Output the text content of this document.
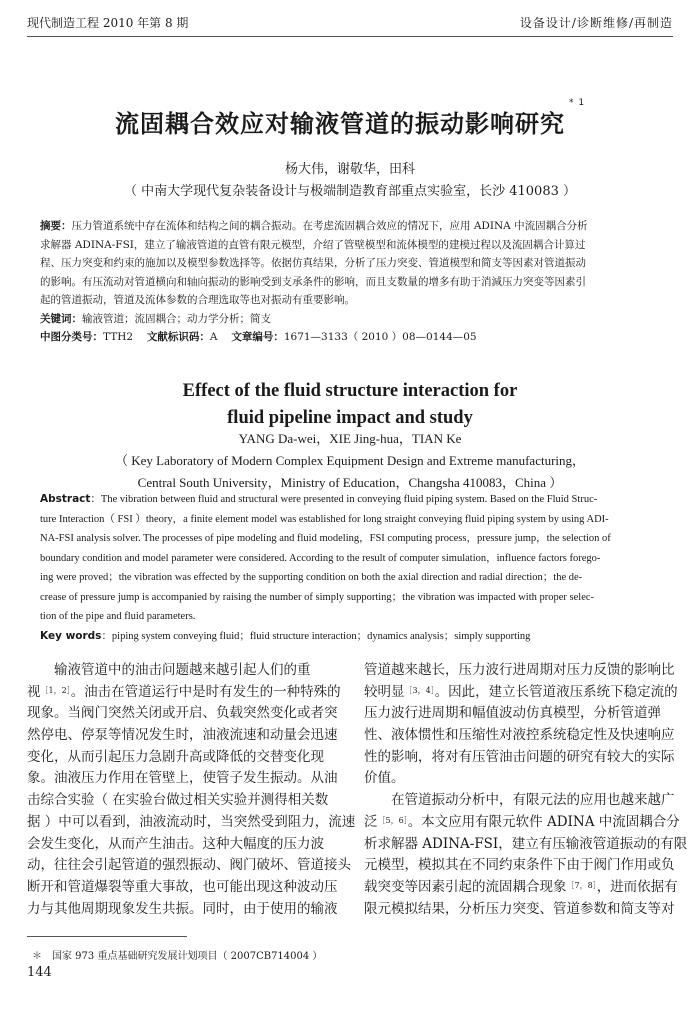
现代制造工程 2010 年第 8 期	设备设计/诊断维修/再制造
流固耦合效应对输液管道的振动影响研究$^{* 1}$
杨大伟，谢敬华，田科
（ 中南大学现代复杂装备设计与极端制造教育部重点实验室，长沙 410083 ）
摘要：压力管道系统中存在流体和结构之间的耦合振动。在考虑流固耦合效应的情况下，应用 ADINA 中流固耦合分析
求解器 ADINA-FSI，建立了输液管道的直管有限元模型，介绍了管壁模型和流体模型的建模过程以及流固耦合计算过
程、压力突变和约束的施加以及模型参数选择等。依据仿真结果，分析了压力突变、管道模型和简支等因素对管道振动
的影响。有压流动对管道横向和轴向振动的影响受到支承条件的影响，而且支数量的增多有助于消減压力突变等因素引
起的管道振动，管道及流体参数的合理选取等也对振动有重要影响。
关键词：输液管道；流固耦合；动力学分析；简支
中图分类号：TTH2   文献标识码：A   文章编号：1671—3133（ 2010 ）08—0144—05
Effect of the fluid structure interaction for
fluid pipeline impact and study
YANG Da-wei，XIE Jing-hua，TIAN Ke
（ Key Laboratory of Modern Complex Equipment Design and Extreme manufacturing，
Central South University，Ministry of Education，Changsha 410083，China ）
Abstract：The vibration between fluid and structural were presented in conveying fluid piping system. Based on the Fluid Struc-
ture Interaction（ FSI ）theory，a finite element model was established for long straight conveying fluid piping system by using ADI-
NA-FSI analysis solver. The processes of pipe modeling and fluid modeling，FSI computing process，pressure jump，the selection of
boundary condition and model parameter were considered. According to the result of computer simulation，influence factors forego-
ing were proved；the vibration was effected by the supporting condition on both the axial direction and radial direction；the de-
crease of pressure jump is accompanied by raising the number of simply supporting；the vibration was impacted with proper selec-
tion of the pipe and fluid parameters.
Key words：piping system conveying fluid；fluid structure interaction；dynamics analysis；simply supporting
　　输液管道中的油击问题越来越引起人们的重
视$^{[1,2]}$。油击在管道运行中是时有发生的一种特殊的
现象。当阀门突然关闭或开启、负载突然变化或者突
然停电、停泵等情况发生时，油液流速和动量会迅速
变化，从而引起压力急剧升高或降低的交替变化现
象。油液压力作用在管壁上，使管子发生振动。从油
击综合实验（ 在实验台做过相关实验并测得相关数
据 ）中可以看到，油液流动时，当突然受到阻力，流速
会发生变化，从而产生油击。这种大幅度的压力波
动，往往会引起管道的强烈振动、阀门破坏、管道接头
断开和管道爆裂等重大事故，也可能出现这种波动压
力与其他周期现象发生共振。同时，由于使用的输液
管道越来越长，压力波行进周期对压力反馈的影响比
较明显$^{[3,4]}$。因此，建立长管道液压系统下稳定流的
压力波行进周期和幅值波动仿真模型，分析管道弹
性、液体惯性和压缩性对液控系统稳定性及快速响应
性的影响，将对有压管油击问题的研究有较大的实际
价值。
　　在管道振动分析中，有限元法的应用也越来越广
泛$^{[5,6]}$。本文应用有限元软件 ADINA 中流固耦合分
析求解器 ADINA-FSI，建立有压输液管道振动的有限
元模型，模拟其在不同约束条件下由于阀门作用或负
载突变等因素引起的流固耦合现象$^{[7,8]}$，进而依据有
限元模拟结果，分析压力突变、管道参数和简支等对
＊　国家 973 重点基础研究发展计划项目（ 2007CB714004 ）
144
